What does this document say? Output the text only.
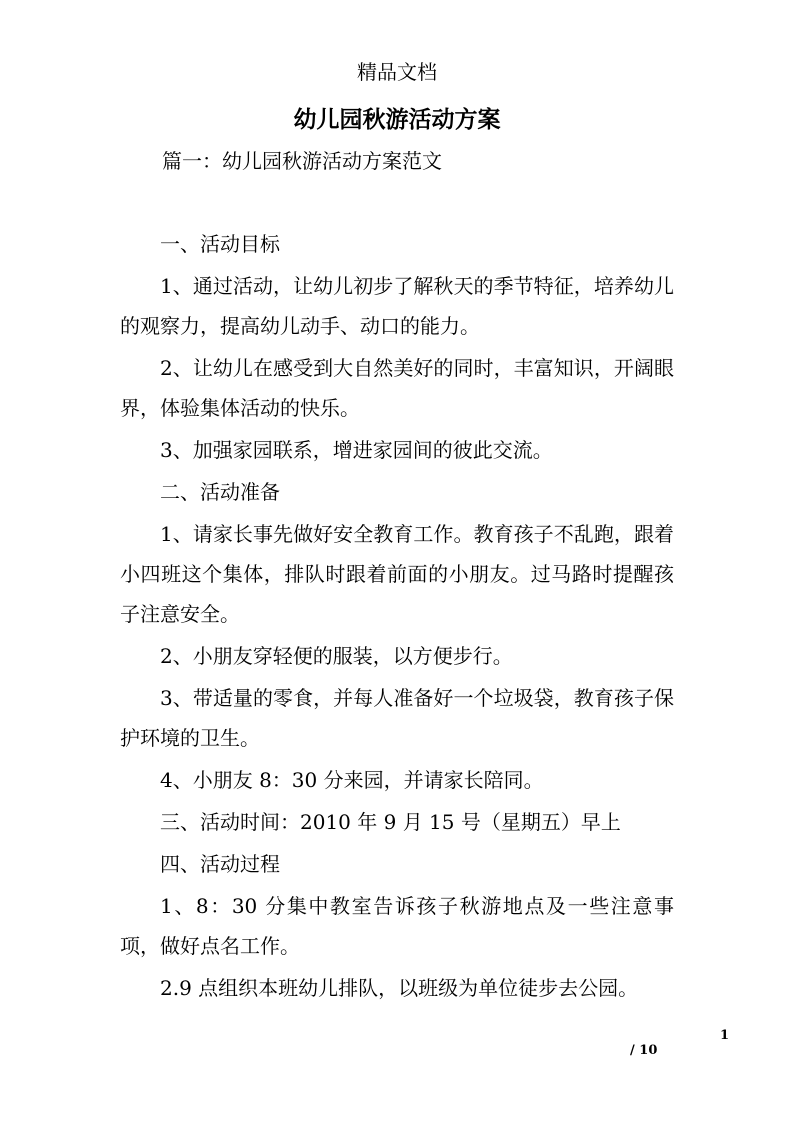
精品文档
幼儿园秋游活动方案
篇一：幼儿园秋游活动方案范文

一、活动目标

1、通过活动，让幼儿初步了解秋天的季节特征，培养幼儿的观察力，提高幼儿动手、动口的能力。

2、让幼儿在感受到大自然美好的同时，丰富知识，开阔眼界，体验集体活动的快乐。

3、加强家园联系，增进家园间的彼此交流。

二、活动准备

1、请家长事先做好安全教育工作。教育孩子不乱跑，跟着小四班这个集体，排队时跟着前面的小朋友。过马路时提醒孩子注意安全。

2、小朋友穿轻便的服装，以方便步行。

3、带适量的零食，并每人准备好一个垃圾袋，教育孩子保护环境的卫生。

4、小朋友 8：30 分来园，并请家长陪同。

三、活动时间：2010 年 9 月 15 号（星期五）早上

四、活动过程

1、8：30 分集中教室告诉孩子秋游地点及一些注意事项，做好点名工作。

2.9 点组织本班幼儿排队，以班级为单位徒步去公园。

1
/ 10
